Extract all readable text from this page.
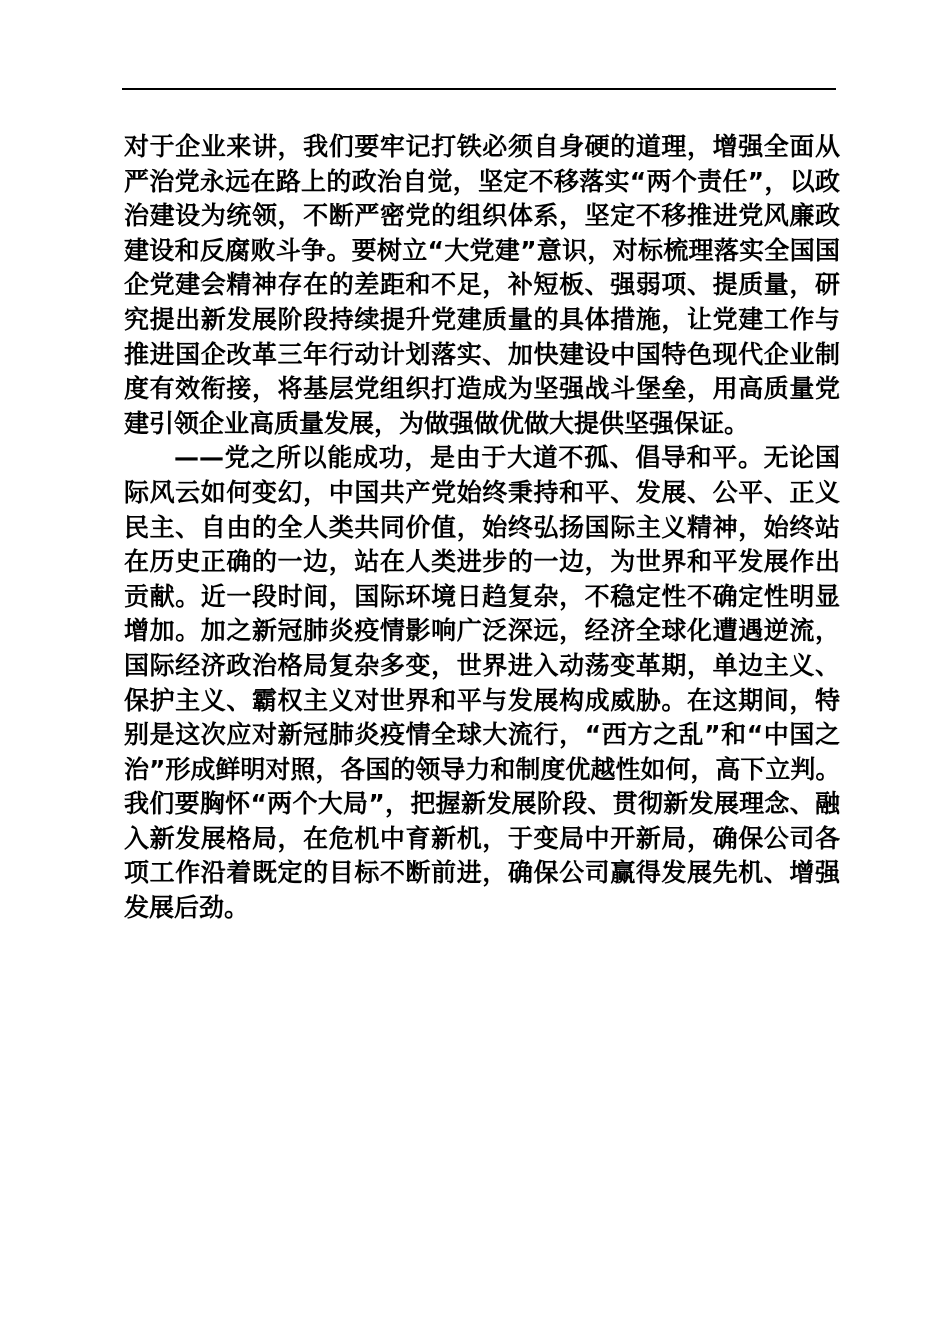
对于企业来讲，我们要牢记打铁必须自身硬的道理，增强全面从
严治党永远在路上的政治自觉，坚定不移落实“两个责任”，以政
治建设为统领，不断严密党的组织体系，坚定不移推进党风廉政
建设和反腐败斗争。要树立“大党建”意识，对标梳理落实全国国
企党建会精神存在的差距和不足，补短板、强弱项、提质量，研
究提出新发展阶段持续提升党建质量的具体措施，让党建工作与
推进国企改革三年行动计划落实、加快建设中国特色现代企业制
度有效衔接，将基层党组织打造成为坚强战斗堡垒，用高质量党
建引领企业高质量发展，为做强做优做大提供坚强保证。
——党之所以能成功，是由于大道不孤、倡导和平。无论国
际风云如何变幻，中国共产党始终秉持和平、发展、公平、正义
民主、自由的全人类共同价值，始终弘扬国际主义精神，始终站
在历史正确的一边，站在人类进步的一边，为世界和平发展作出
贡献。近一段时间，国际环境日趋复杂，不稳定性不确定性明显
增加。加之新冠肺炎疫情影响广泛深远，经济全球化遭遇逆流，
国际经济政治格局复杂多变，世界进入动荡变革期，单边主义、
保护主义、霸权主义对世界和平与发展构成威胁。在这期间，特
别是这次应对新冠肺炎疫情全球大流行，“西方之乱”和“中国之
治”形成鲜明对照，各国的领导力和制度优越性如何，高下立判。
我们要胸怀“两个大局”，把握新发展阶段、贯彻新发展理念、融
入新发展格局，在危机中育新机，于变局中开新局，确保公司各
项工作沿着既定的目标不断前进，确保公司赢得发展先机、增强
发展后劲。
